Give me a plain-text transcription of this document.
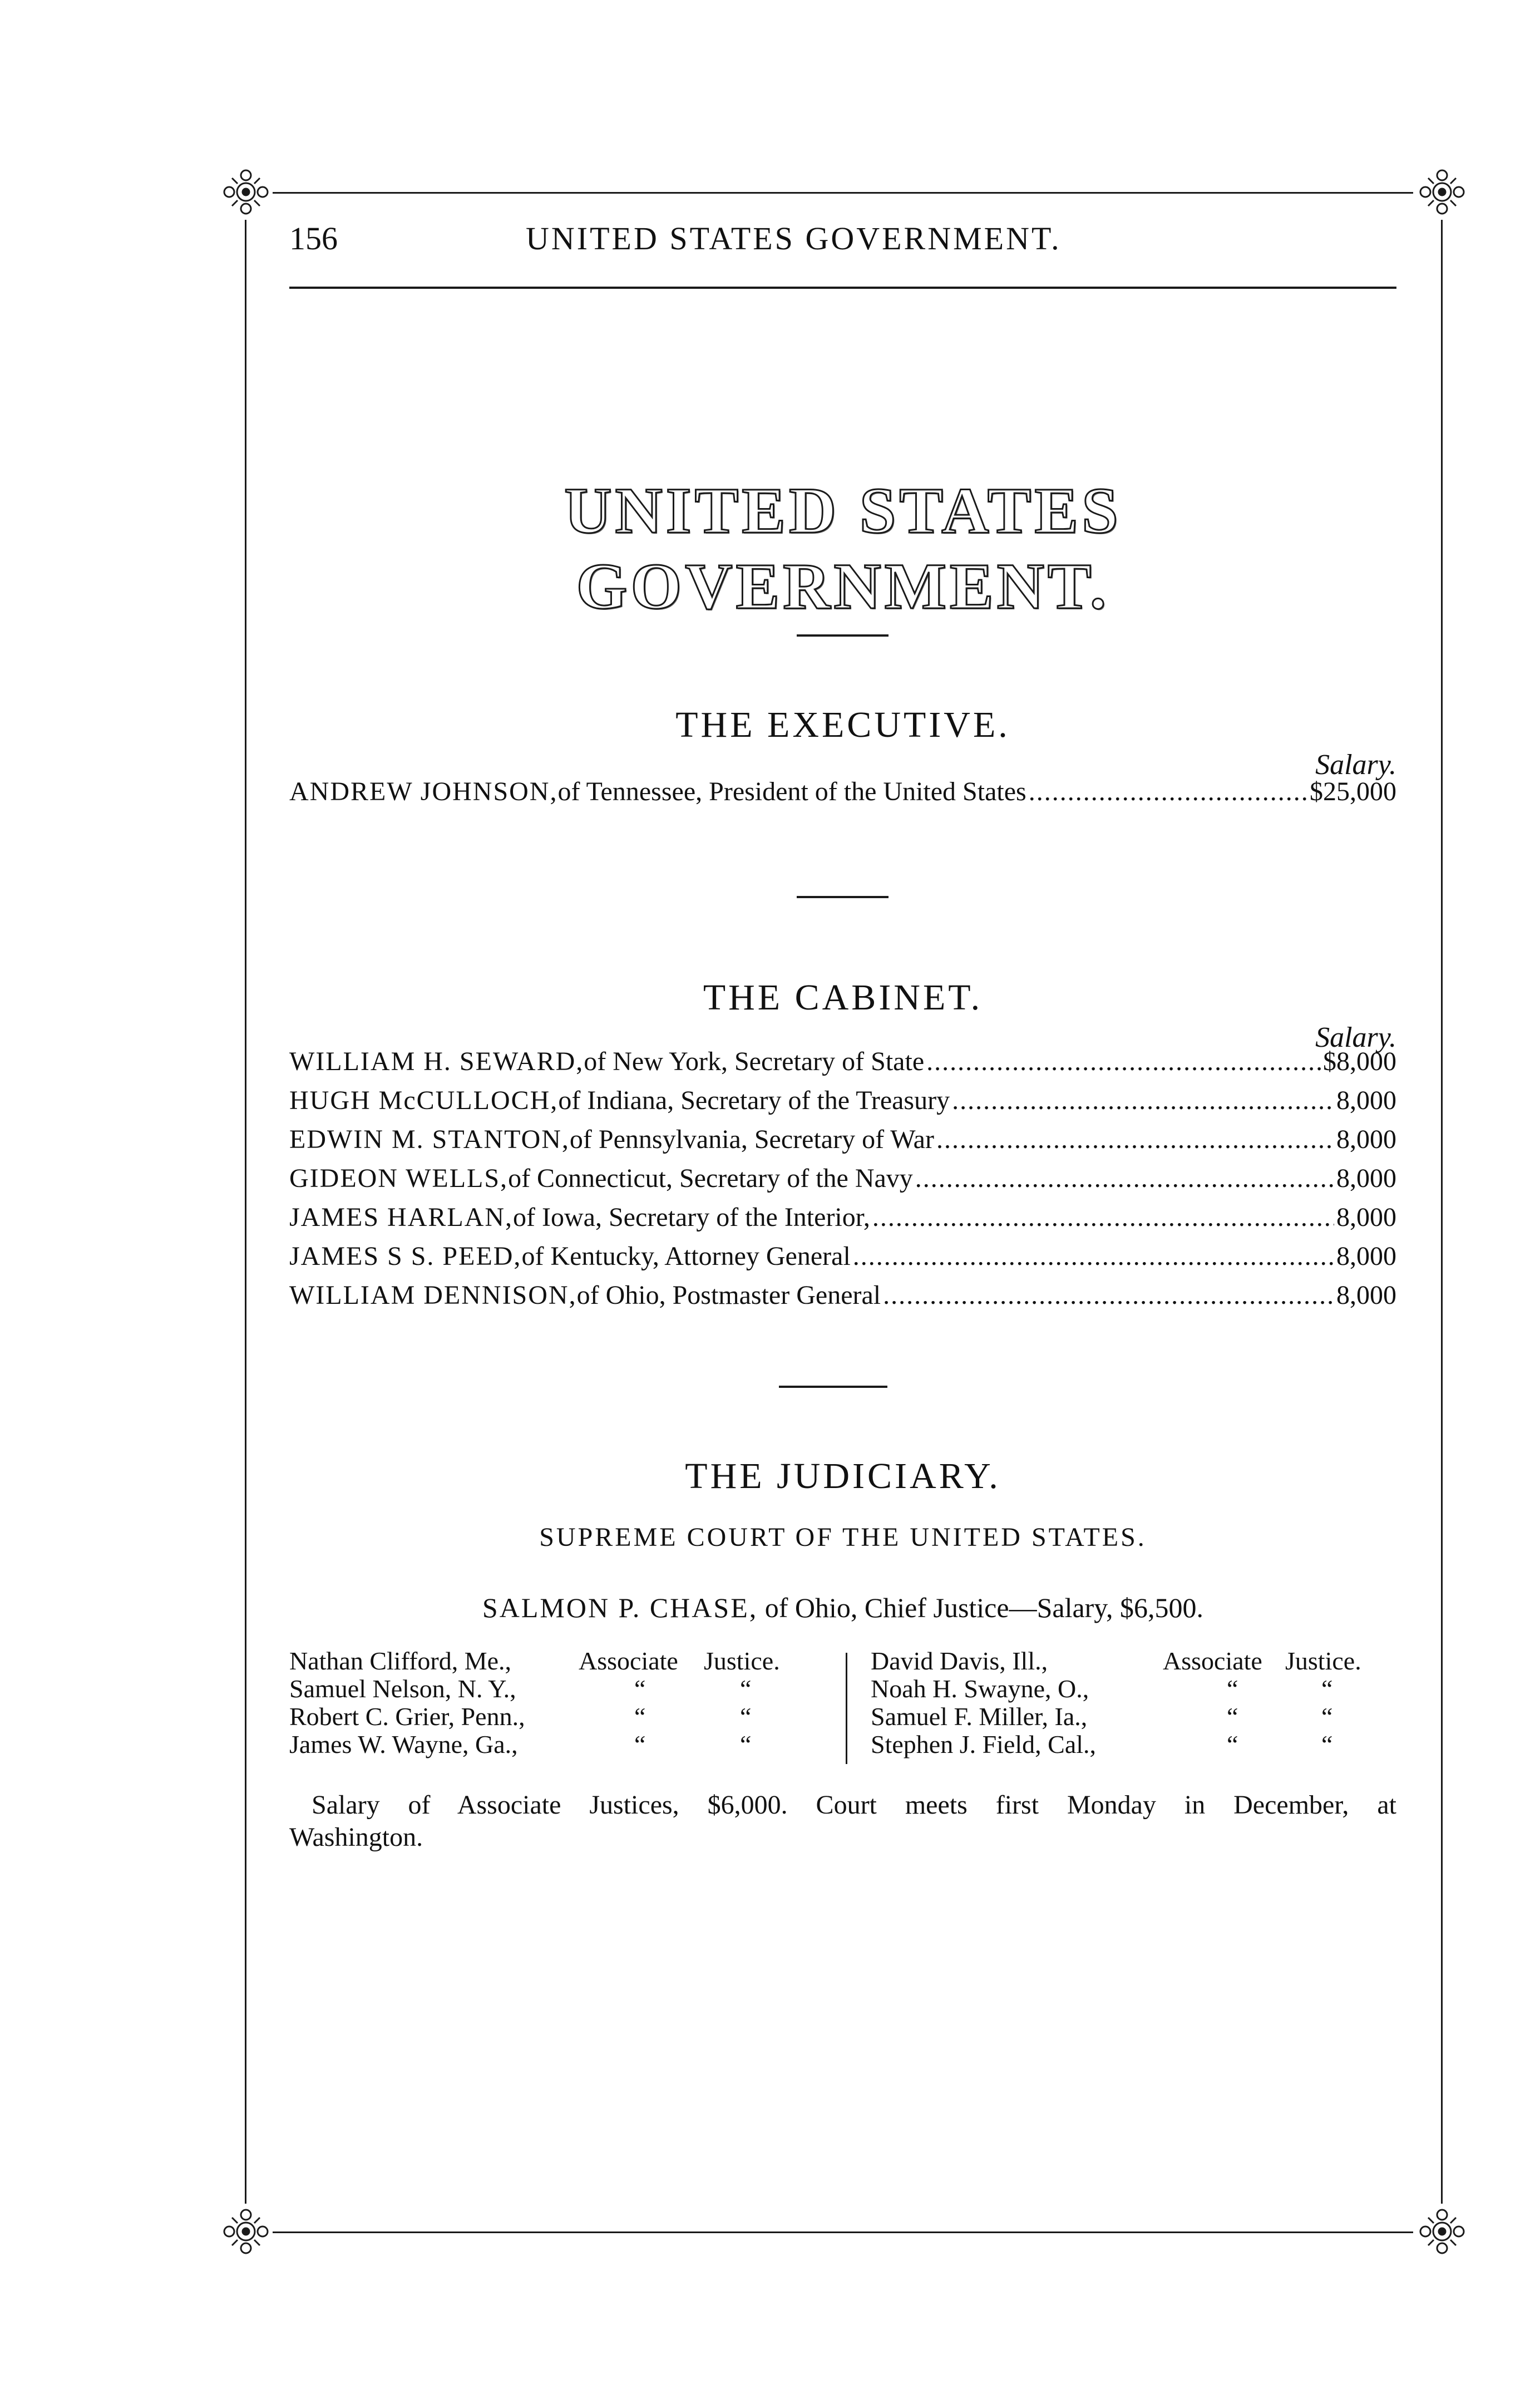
156	UNITED STATES GOVERNMENT.
UNITED STATES GOVERNMENT.
THE EXECUTIVE.
Salary.
ANDREW JOHNSON, of Tennessee, President of the United States .....	$25,000
THE CABINET.
Salary.
WILLIAM H. SEWARD, of New York, Secretary of State .....	$8,000
HUGH McCULLOCH, of Indiana, Secretary of the Treasury .....	8,000
EDWIN M. STANTON, of Pennsylvania, Secretary of War .....	8,000
GIDEON WELLS, of Connecticut, Secretary of the Navy .....	8,000
JAMES HARLAN, of Iowa, Secretary of the Interior, .....	8,000
JAMES S S. PEED, of Kentucky, Attorney General .....	8,000
WILLIAM DENNISON, of Ohio, Postmaster General .....	8,000
THE JUDICIARY.
SUPREME COURT OF THE UNITED STATES.
SALMON P. CHASE, of Ohio, Chief Justice—Salary, $6,500.
Nathan Clifford, Me.,	Associate Justice.
Samuel Nelson, N. Y.,	“	“
Robert C. Grier, Penn.,	“	“
James W. Wayne, Ga.,	“	“
David Davis, Ill.,	Associate Justice.
Noah H. Swayne, O.,	“	“
Samuel F. Miller, Ia.,	“	“
Stephen J. Field, Cal.,	“	“
Salary of Associate Justices, $6,000. Court meets first Monday in December, at
Washington.
